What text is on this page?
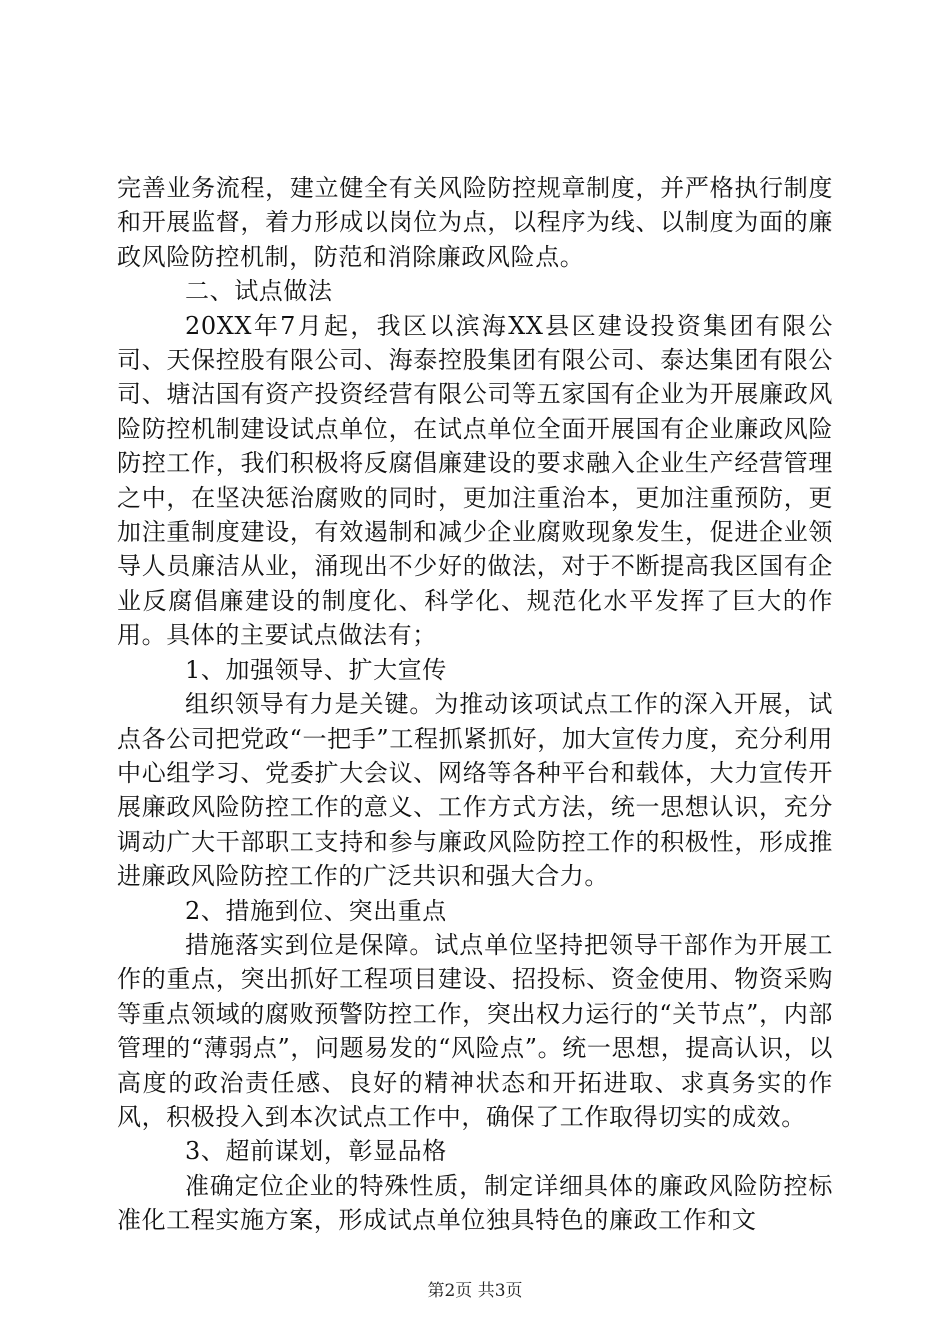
完善业务流程，建立健全有关风险防控规章制度，并严格执行制度和开展监督，着力形成以岗位为点，以程序为线、以制度为面的廉政风险防控机制，防范和消除廉政风险点。

二、试点做法

20XX年7月起，我区以滨海XX县区建设投资集团有限公司、天保控股有限公司、海泰控股集团有限公司、泰达集团有限公司、塘沽国有资产投资经营有限公司等五家国有企业为开展廉政风险防控机制建设试点单位，在试点单位全面开展国有企业廉政风险防控工作，我们积极将反腐倡廉建设的要求融入企业生产经营管理之中，在坚决惩治腐败的同时，更加注重治本，更加注重预防，更加注重制度建设，有效遏制和减少企业腐败现象发生，促进企业领导人员廉洁从业，涌现出不少好的做法，对于不断提高我区国有企业反腐倡廉建设的制度化、科学化、规范化水平发挥了巨大的作用。具体的主要试点做法有；

1、加强领导、扩大宣传

组织领导有力是关键。为推动该项试点工作的深入开展，试点各公司把党政“一把手”工程抓紧抓好，加大宣传力度，充分利用中心组学习、党委扩大会议、网络等各种平台和载体，大力宣传开展廉政风险防控工作的意义、工作方式方法，统一思想认识，充分调动广大干部职工支持和参与廉政风险防控工作的积极性，形成推进廉政风险防控工作的广泛共识和强大合力。

2、措施到位、突出重点

措施落实到位是保障。试点单位坚持把领导干部作为开展工作的重点，突出抓好工程项目建设、招投标、资金使用、物资采购等重点领域的腐败预警防控工作，突出权力运行的“关节点”，内部管理的“薄弱点”，问题易发的“风险点”。统一思想，提高认识，以高度的政治责任感、良好的精神状态和开拓进取、求真务实的作风，积极投入到本次试点工作中，确保了工作取得切实的成效。

3、超前谋划，彰显品格

准确定位企业的特殊性质，制定详细具体的廉政风险防控标准化工程实施方案，形成试点单位独具特色的廉政工作和文

第2页 共3页
